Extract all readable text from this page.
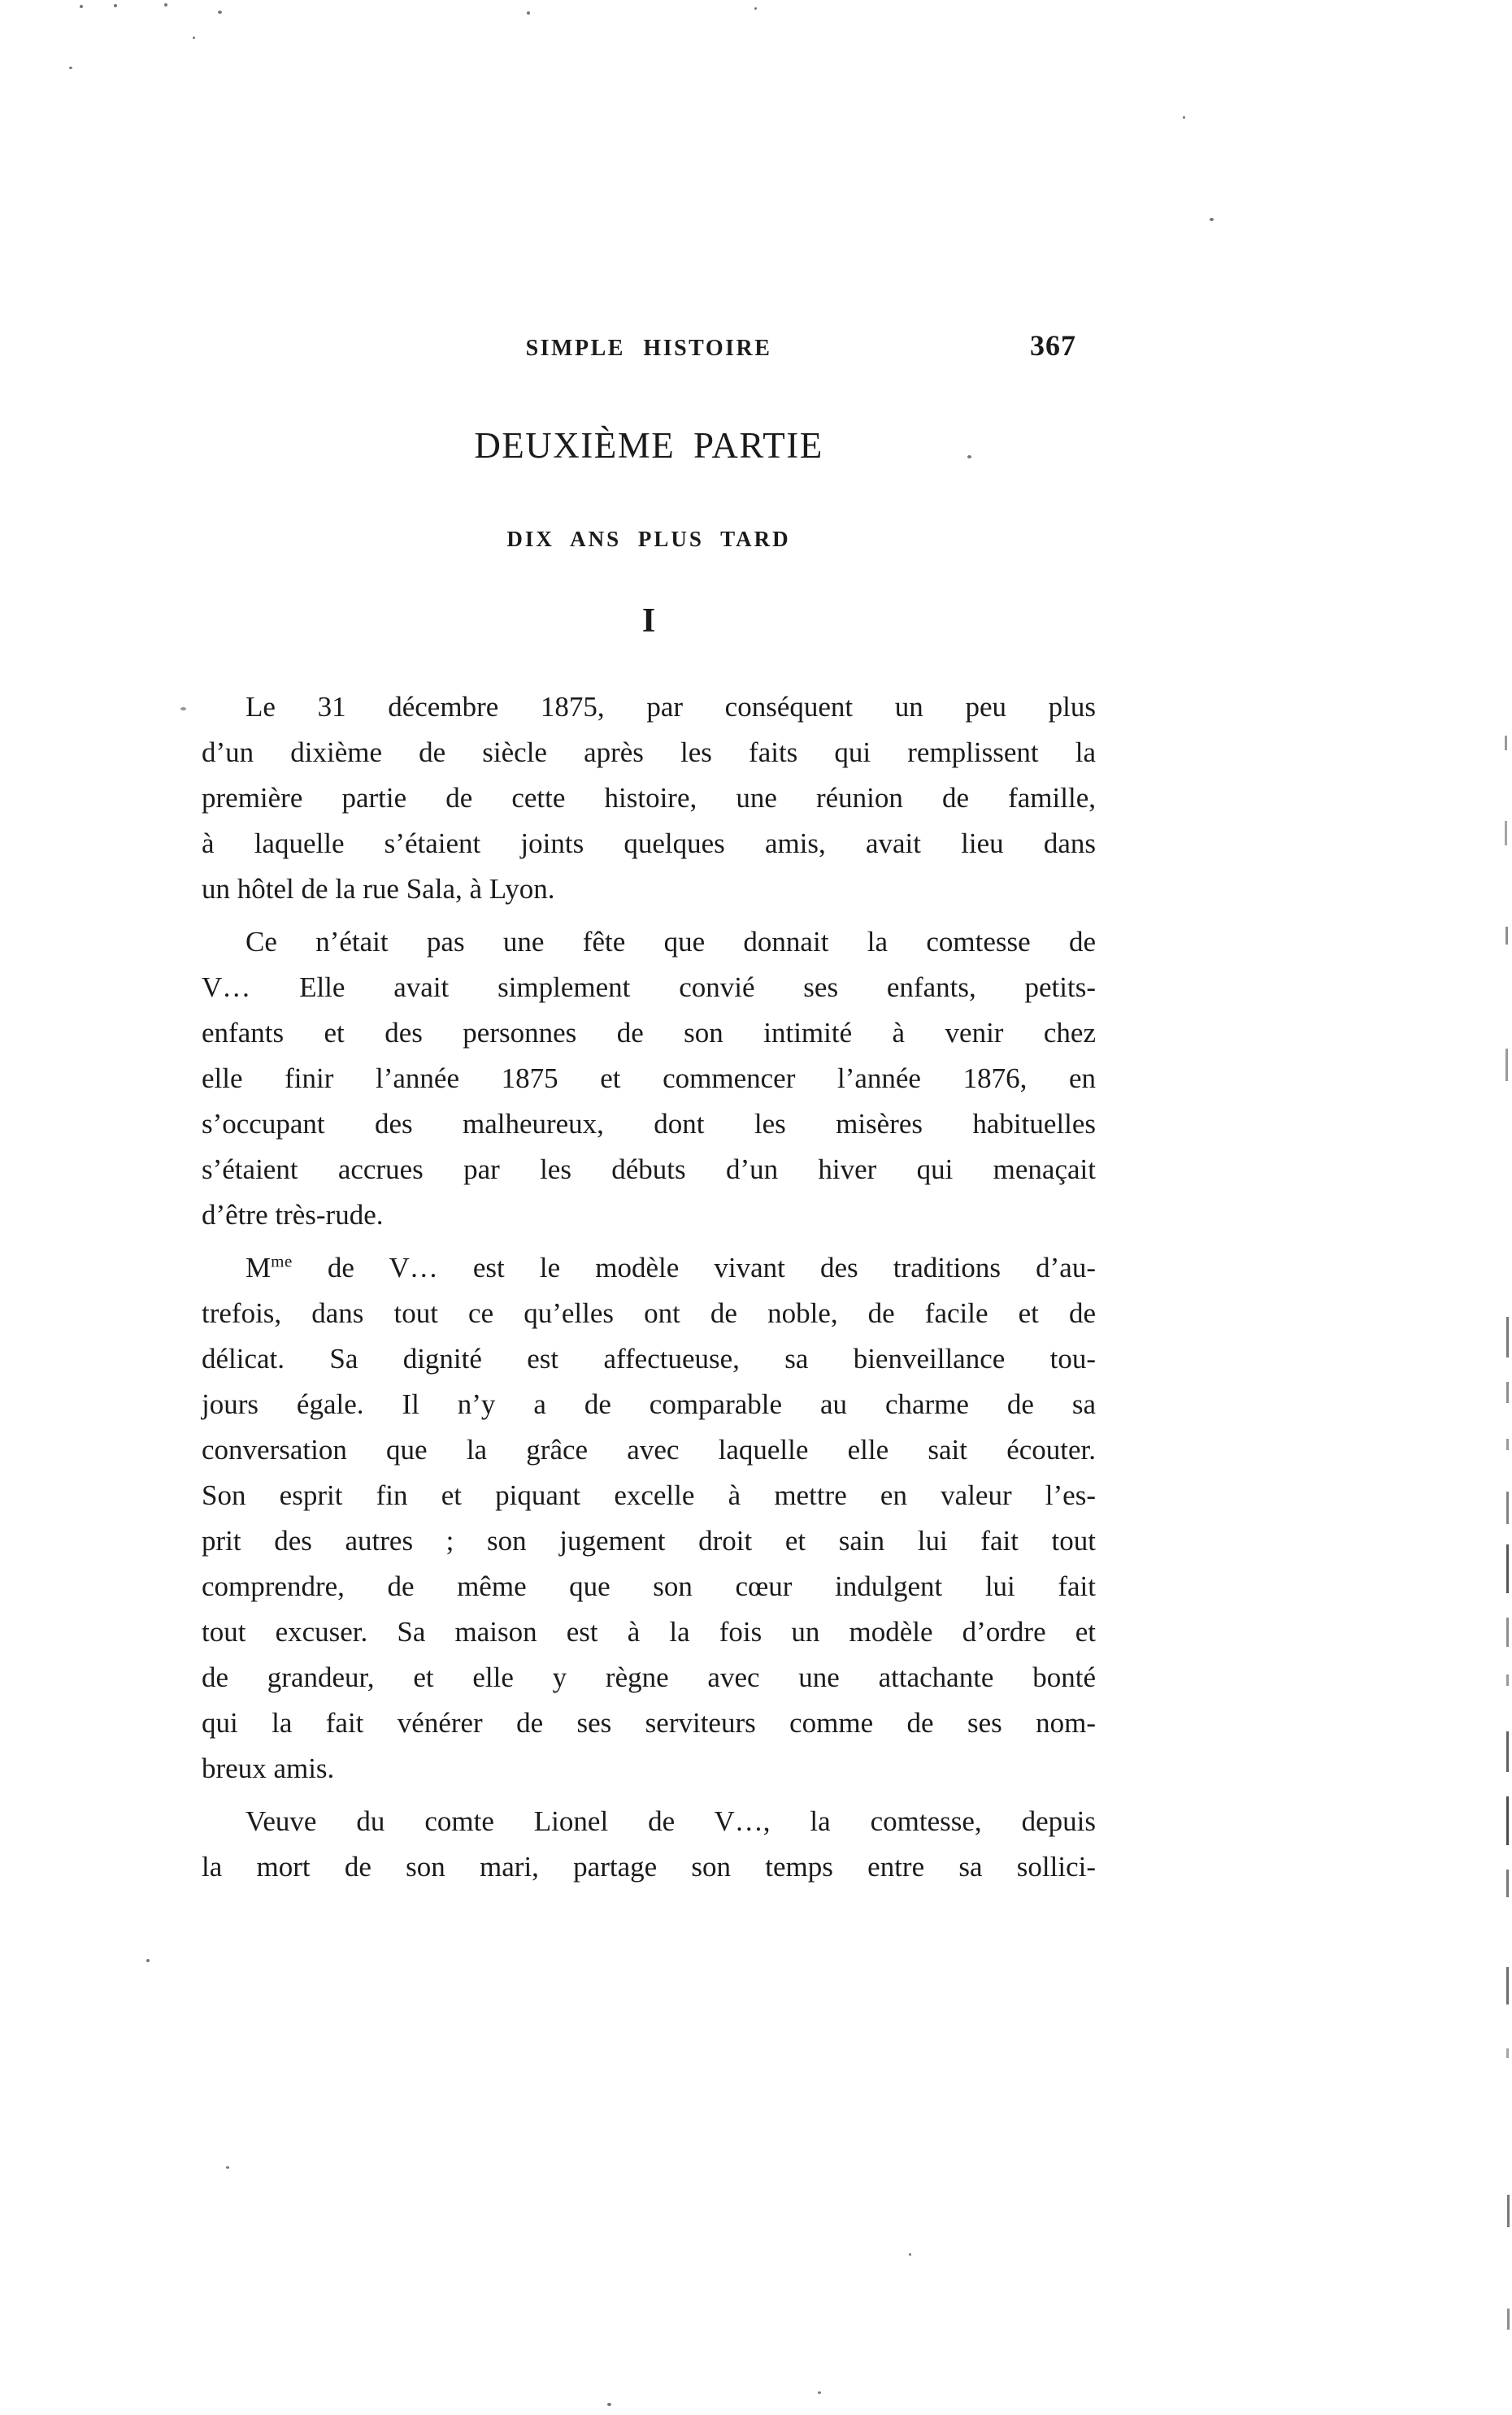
SIMPLE HISTOIRE	367
DEUXIÈME PARTIE
DIX ANS PLUS TARD
I
Le 31 décembre 1875, par conséquent un peu plus
d’un dixième de siècle après les faits qui remplissent la
première partie de cette histoire, une réunion de famille,
à laquelle s’étaient joints quelques amis, avait lieu dans
un hôtel de la rue Sala, à Lyon.
Ce n’était pas une fête que donnait la comtesse de
V… Elle avait simplement convié ses enfants, petits-
enfants et des personnes de son intimité à venir chez
elle finir l’année 1875 et commencer l’année 1876, en
s’occupant des malheureux, dont les misères habituelles
s’étaient accrues par les débuts d’un hiver qui menaçait
d’être très-rude.
$M^{me}$ de V… est le modèle vivant des traditions d’au-
trefois, dans tout ce qu’elles ont de noble, de facile et de
délicat. Sa dignité est affectueuse, sa bienveillance tou-
jours égale. Il n’y a de comparable au charme de sa
conversation que la grâce avec laquelle elle sait écouter.
Son esprit fin et piquant excelle à mettre en valeur l’es-
prit des autres ; son jugement droit et sain lui fait tout
comprendre, de même que son cœur indulgent lui fait
tout excuser. Sa maison est à la fois un modèle d’ordre et
de grandeur, et elle y règne avec une attachante bonté
qui la fait vénérer de ses serviteurs comme de ses nom-
breux amis.
Veuve du comte Lionel de V…, la comtesse, depuis
la mort de son mari, partage son temps entre sa sollici-
